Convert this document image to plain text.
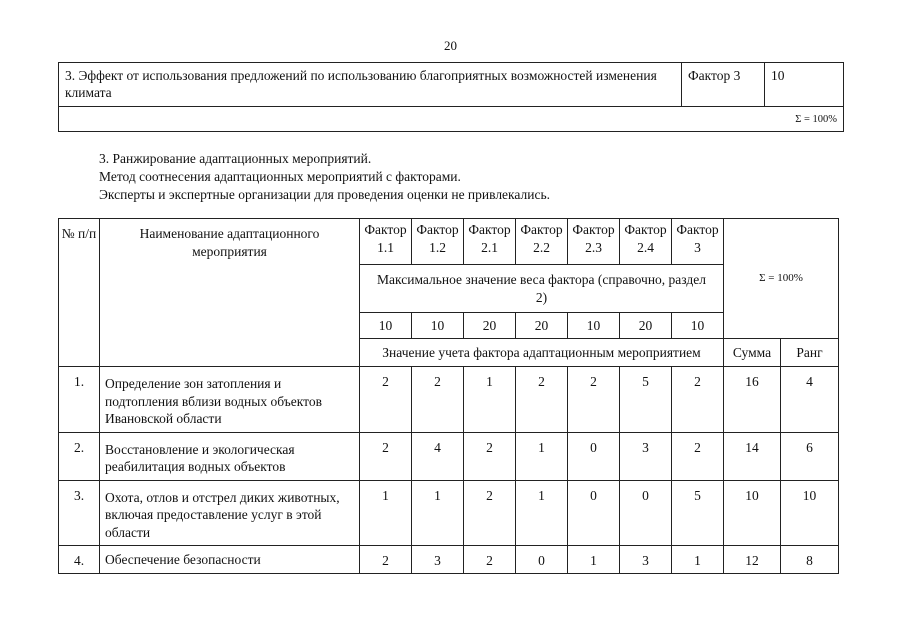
20
3. Эффект от использования предложений по использованию благоприятных возможностей изменения климата	Фактор 3	10
Σ = 100%
3. Ранжирование адаптационных мероприятий.
Метод соотнесения адаптационных мероприятий с факторами.
Эксперты и экспертные организации для проведения оценки не привлекались.
№ п/п	Наименование адаптационного мероприятия	Фактор 1.1	Фактор 1.2	Фактор 2.1	Фактор 2.2	Фактор 2.3	Фактор 2.4	Фактор 3	Σ = 100%	
		Максимальное значение веса фактора (справочно, раздел 2)								
		10	10	20	20	10	20	10		
		Значение учета фактора адаптационным мероприятием							Сумма	Ранг
1.	Определение зон затопления и подтопления вблизи водных объектов Ивановской области	2	2	1	2	2	5	2	16	4
2.	Восстановление и экологическая реабилитация водных объектов	2	4	2	1	0	3	2	14	6
3.	Охота, отлов и отстрел диких животных, включая предоставление услуг в этой области	1	1	2	1	0	0	5	10	10
4.	Обеспечение безопасности	2	3	2	0	1	3	1	12	8
